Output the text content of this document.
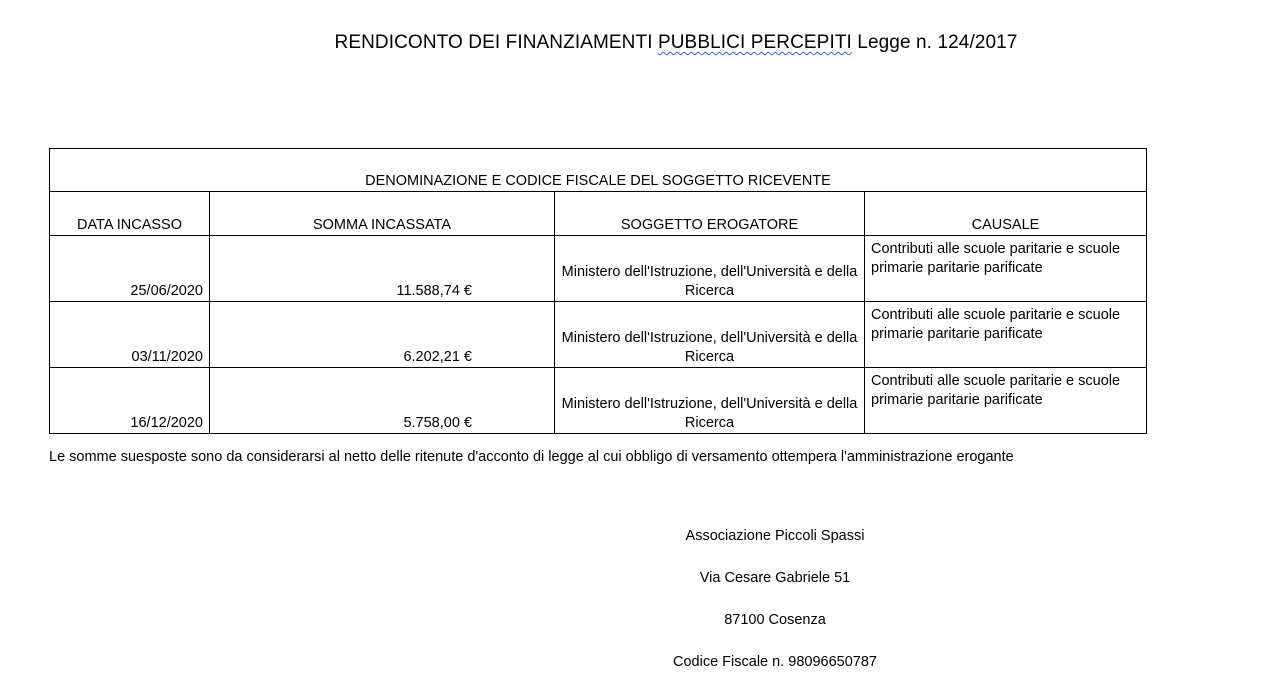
RENDICONTO DEI FINANZIAMENTI PUBBLICI PERCEPITI Legge n. 124/2017
DENOMINAZIONE E CODICE FISCALE DEL SOGGETTO RICEVENTE			
DATA INCASSO	SOMMA INCASSATA	SOGGETTO EROGATORE	CAUSALE
25/06/2020	11.588,74 €	Ministero dell'Istruzione, dell'Università e della Ricerca	Contributi alle scuole paritarie e scuole primarie paritarie parificate
03/11/2020	6.202,21 €	Ministero dell'Istruzione, dell'Università e della Ricerca	Contributi alle scuole paritarie e scuole primarie paritarie parificate
16/12/2020	5.758,00 €	Ministero dell'Istruzione, dell'Università e della Ricerca	Contributi alle scuole paritarie e scuole primarie paritarie parificate
Le somme suesposte sono da considerarsi al netto delle ritenute d'acconto di legge al cui obbligo di versamento ottempera l'amministrazione erogante
Associazione Piccoli Spassi
Via Cesare Gabriele 51
87100 Cosenza
Codice Fiscale n. 98096650787
